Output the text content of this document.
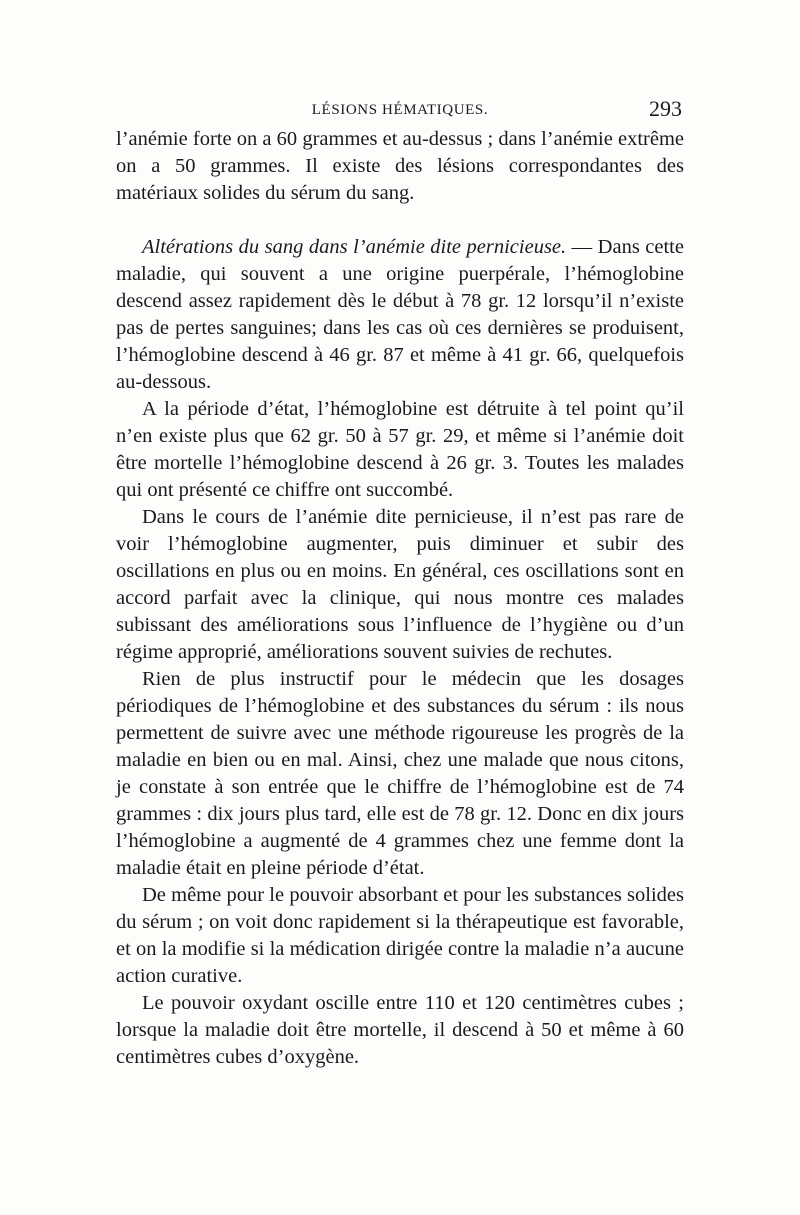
LÉSIONS HÉMATIQUES.	293

l’anémie forte on a 60 grammes et au-dessus ; dans l’anémie extrême on a 50 grammes. Il existe des lésions correspondantes des matériaux solides du sérum du sang.

Altérations du sang dans l’anémie dite pernicieuse. — Dans cette maladie, qui souvent a une origine puerpérale, l’hémoglobine descend assez rapidement dès le début à 78 gr. 12 lorsqu’il n’existe pas de pertes sanguines; dans les cas où ces dernières se produisent, l’hémoglobine descend à 46 gr. 87 et même à 41 gr. 66, quelquefois au-dessous.

A la période d’état, l’hémoglobine est détruite à tel point qu’il n’en existe plus que 62 gr. 50 à 57 gr. 29, et même si l’anémie doit être mortelle l’hémoglobine descend à 26 gr. 3. Toutes les malades qui ont présenté ce chiffre ont succombé.

Dans le cours de l’anémie dite pernicieuse, il n’est pas rare de voir l’hémoglobine augmenter, puis diminuer et subir des oscillations en plus ou en moins. En général, ces oscillations sont en accord parfait avec la clinique, qui nous montre ces malades subissant des améliorations sous l’influence de l’hygiène ou d’un régime approprié, améliorations souvent suivies de rechutes.

Rien de plus instructif pour le médecin que les dosages périodiques de l’hémoglobine et des substances du sérum : ils nous permettent de suivre avec une méthode rigoureuse les progrès de la maladie en bien ou en mal. Ainsi, chez une malade que nous citons, je constate à son entrée que le chiffre de l’hémoglobine est de 74 grammes : dix jours plus tard, elle est de 78 gr. 12. Donc en dix jours l’hémoglobine a augmenté de 4 grammes chez une femme dont la maladie était en pleine période d’état.

De même pour le pouvoir absorbant et pour les substances solides du sérum ; on voit donc rapidement si la thérapeutique est favorable, et on la modifie si la médication dirigée contre la maladie n’a aucune action curative.

Le pouvoir oxydant oscille entre 110 et 120 centimètres cubes ; lorsque la maladie doit être mortelle, il descend à 50 et même à 60 centimètres cubes d’oxygène.
